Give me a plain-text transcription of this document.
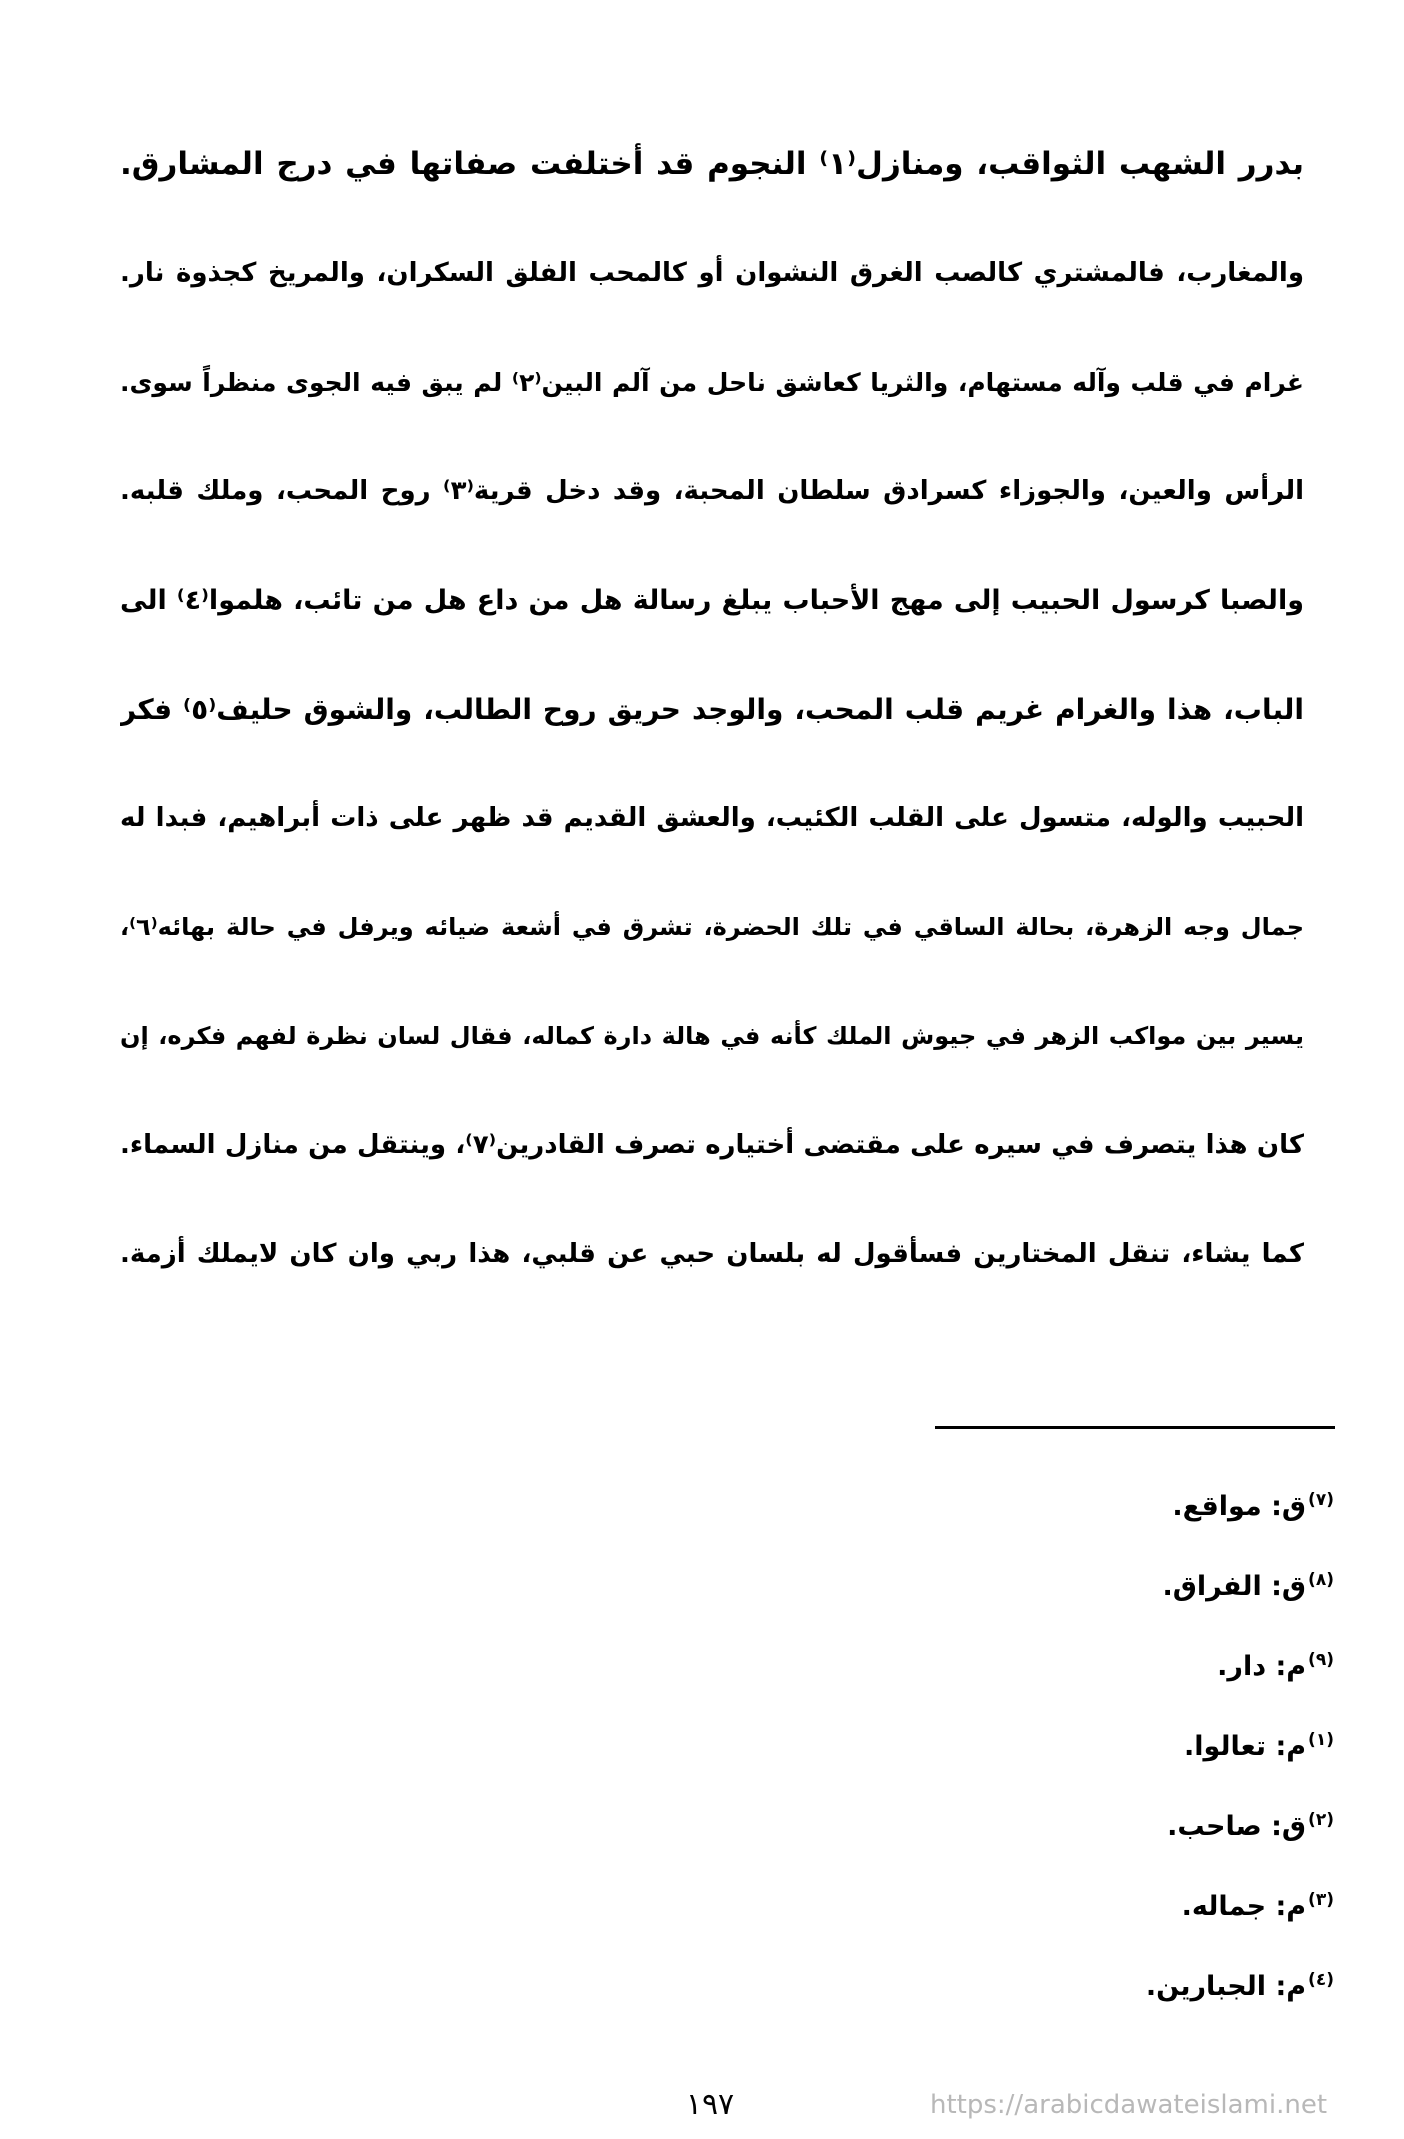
بدرر الشهب الثواقب، ومنازل⁽١⁾ النجوم قد أختلفت صفاتها في درج المشارق.
والمغارب، فالمشتري كالصب الغرق النشوان أو كالمحب الفلق السكران، والمريخ كجذوة نار.
غرام في قلب وآله مستهام، والثريا كعاشق ناحل من آلم البين⁽٢⁾ لم يبق فيه الجوى منظراً سوى.
الرأس والعين، والجوزاء كسرادق سلطان المحبة، وقد دخل قرية⁽٣⁾ روح المحب، وملك قلبه.
والصبا كرسول الحبيب إلى مهج الأحباب يبلغ رسالة هل من داع هل من تائب، هلموا⁽٤⁾ الى
الباب، هذا والغرام غريم قلب المحب، والوجد حريق روح الطالب، والشوق حليف⁽٥⁾ فكر
الحبيب والوله، متسول على القلب الكئيب، والعشق القديم قد ظهر على ذات أبراهيم، فبدا له
جمال وجه الزهرة، بحالة الساقي في تلك الحضرة، تشرق في أشعة ضيائه ويرفل في حالة بهائه⁽٦⁾،
يسير بين مواكب الزهر في جيوش الملك كأنه في هالة دارة كماله، فقال لسان نظرة لفهم فكره، إن
كان هذا يتصرف في سيره على مقتضى أختياره تصرف القادرين⁽٧⁾، وينتقل من منازل السماء.
كما يشاء، تنقل المختارين فسأقول له بلسان حبي عن قلبي، هذا ربي وان كان لايملك أزمة.
$^{(٧)}$ق: مواقع.
$^{(٨)}$ق: الفراق.
$^{(٩)}$م: دار.
$^{(١)}$م: تعالوا.
$^{(٢)}$ق: صاحب.
$^{(٣)}$م: جماله.
$^{(٤)}$م: الجبارين.
١٩٧	https://arabicdawateislami.net
